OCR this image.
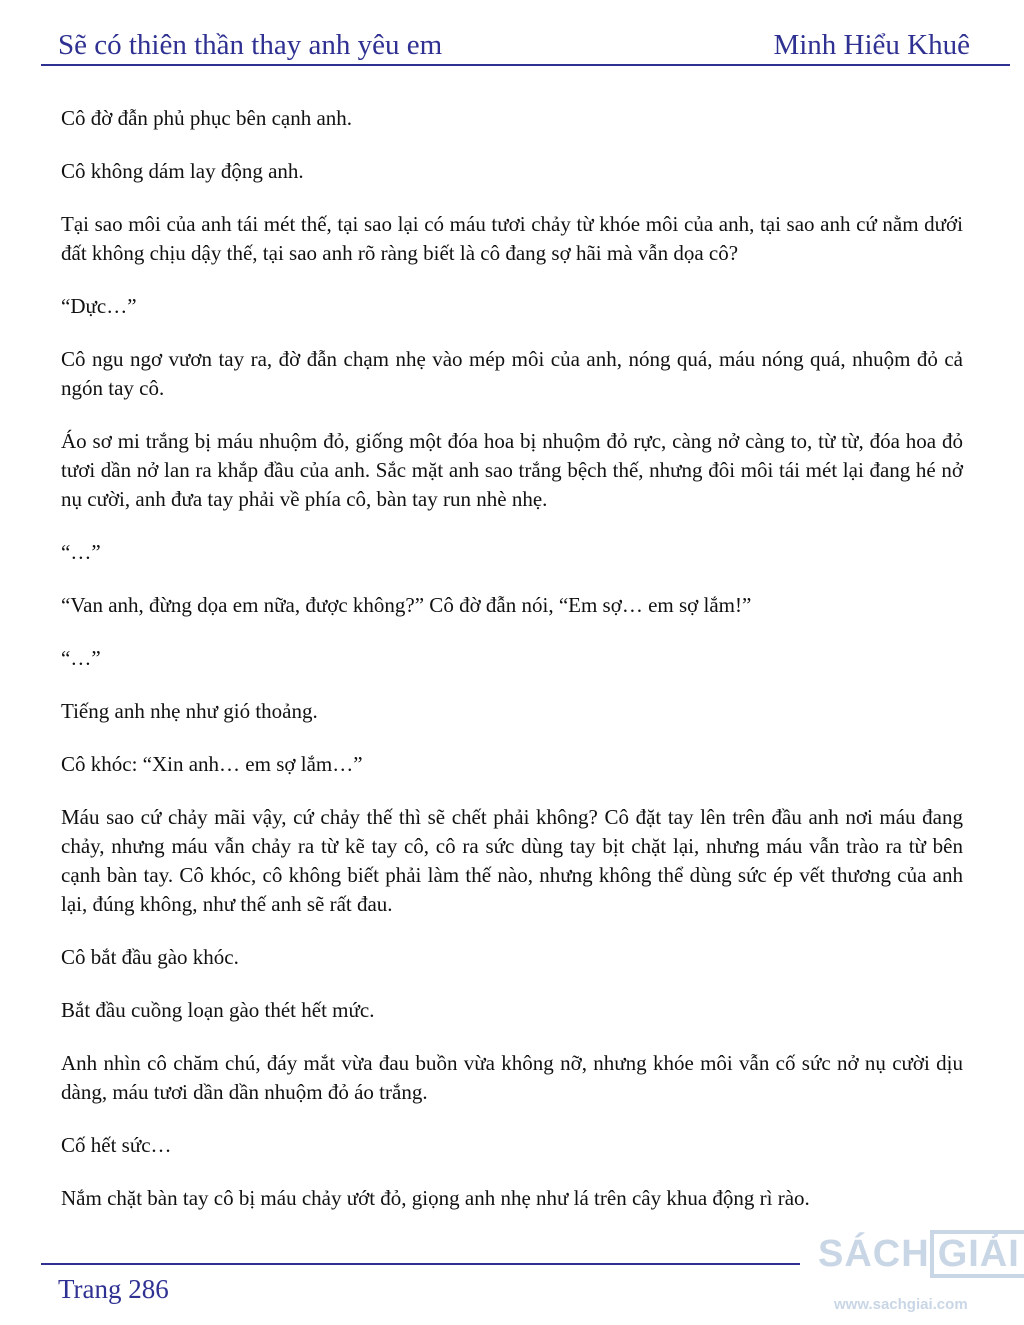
Sẽ có thiên thần thay anh yêu em	Minh Hiểu Khuê

Cô đờ đẫn phủ phục bên cạnh anh.

Cô không dám lay động anh.

Tại sao môi của anh tái mét thế, tại sao lại có máu tươi chảy từ khóe môi của anh, tại sao anh cứ nằm dưới đất không chịu dậy thế, tại sao anh rõ ràng biết là cô đang sợ hãi mà vẫn dọa cô?

“Dực…”

Cô ngu ngơ vươn tay ra, đờ đẫn chạm nhẹ vào mép môi của anh, nóng quá, máu nóng quá, nhuộm đỏ cả ngón tay cô.

Áo sơ mi trắng bị máu nhuộm đỏ, giống một đóa hoa bị nhuộm đỏ rực, càng nở càng to, từ từ, đóa hoa đỏ tươi dần nở lan ra khắp đầu của anh. Sắc mặt anh sao trắng bệch thế, nhưng đôi môi tái mét lại đang hé nở nụ cười, anh đưa tay phải về phía cô, bàn tay run nhè nhẹ.

“…”

“Van anh, đừng dọa em nữa, được không?” Cô đờ đẫn nói, “Em sợ… em sợ lắm!”

“…”

Tiếng anh nhẹ như gió thoảng.

Cô khóc: “Xin anh… em sợ lắm…”

Máu sao cứ chảy mãi vậy, cứ chảy thế thì sẽ chết phải không? Cô đặt tay lên trên đầu anh nơi máu đang chảy, nhưng máu vẫn chảy ra từ kẽ tay cô, cô ra sức dùng tay bịt chặt lại, nhưng máu vẫn trào ra từ bên cạnh bàn tay. Cô khóc, cô không biết phải làm thế nào, nhưng không thể dùng sức ép vết thương của anh lại, đúng không, như thế anh sẽ rất đau.

Cô bắt đầu gào khóc.

Bắt đầu cuồng loạn gào thét hết mức.

Anh nhìn cô chăm chú, đáy mắt vừa đau buồn vừa không nỡ, nhưng khóe môi vẫn cố sức nở nụ cười dịu dàng, máu tươi dần dần nhuộm đỏ áo trắng.

Cố hết sức…

Nắm chặt bàn tay cô bị máu chảy ướt đỏ, giọng anh nhẹ như lá trên cây khua động rì rào.

Trang 286
SÁCH GIẢI
www.sachgiai.com
